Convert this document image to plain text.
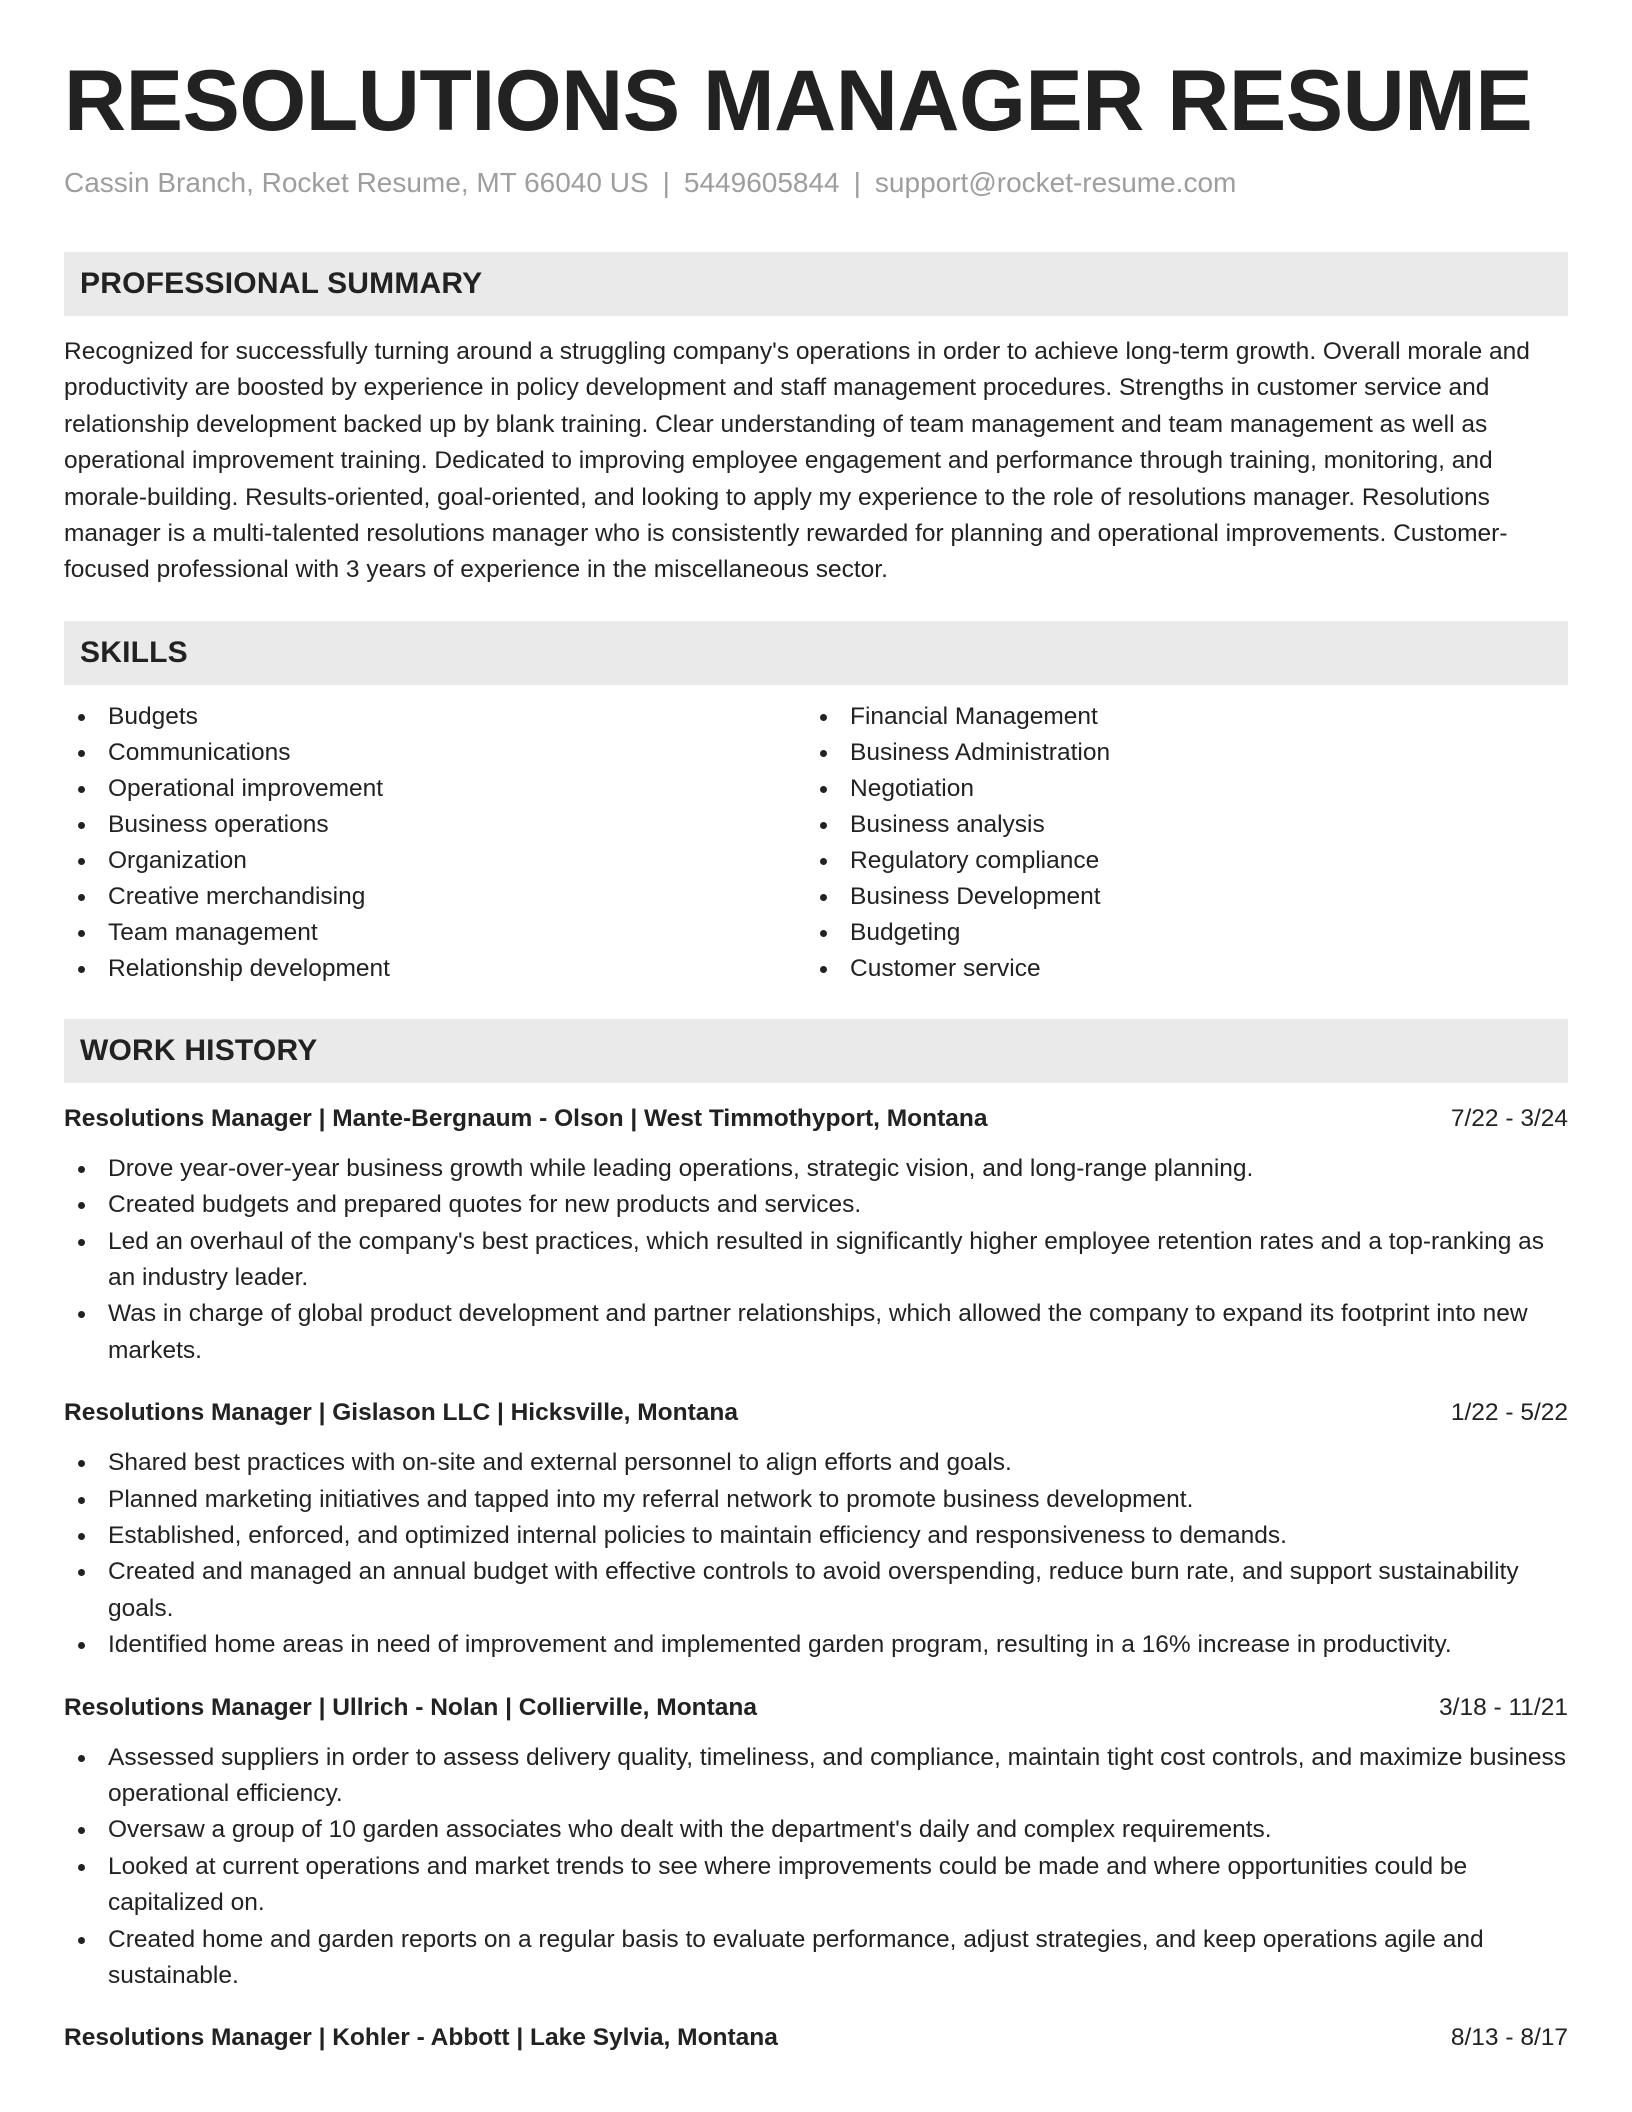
RESOLUTIONS MANAGER RESUME
Cassin Branch, Rocket Resume, MT 66040 US | 5449605844 | support@rocket-resume.com
PROFESSIONAL SUMMARY

Recognized for successfully turning around a struggling company's operations in order to achieve long-term growth. Overall morale and productivity are boosted by experience in policy development and staff management procedures. Strengths in customer service and relationship development backed up by blank training. Clear understanding of team management and team management as well as operational improvement training. Dedicated to improving employee engagement and performance through training, monitoring, and morale-building. Results-oriented, goal-oriented, and looking to apply my experience to the role of resolutions manager. Resolutions manager is a multi-talented resolutions manager who is consistently rewarded for planning and operational improvements. Customer-focused professional with 3 years of experience in the miscellaneous sector.

SKILLS
Budgets
Communications
Operational improvement
Business operations
Organization
Creative merchandising
Team management
Relationship development
Financial Management
Business Administration
Negotiation
Business analysis
Regulatory compliance
Business Development
Budgeting
Customer service
WORK HISTORY
Resolutions Manager | Mante-Bergnaum - Olson | West Timmothyport, Montana	7/22 - 3/24
Drove year-over-year business growth while leading operations, strategic vision, and long-range planning.
Created budgets and prepared quotes for new products and services.
Led an overhaul of the company's best practices, which resulted in significantly higher employee retention rates and a top-ranking as an industry leader.
Was in charge of global product development and partner relationships, which allowed the company to expand its footprint into new markets.
Resolutions Manager | Gislason LLC | Hicksville, Montana	1/22 - 5/22
Shared best practices with on-site and external personnel to align efforts and goals.
Planned marketing initiatives and tapped into my referral network to promote business development.
Established, enforced, and optimized internal policies to maintain efficiency and responsiveness to demands.
Created and managed an annual budget with effective controls to avoid overspending, reduce burn rate, and support sustainability goals.
Identified home areas in need of improvement and implemented garden program, resulting in a 16% increase in productivity.
Resolutions Manager | Ullrich - Nolan | Collierville, Montana	3/18 - 11/21
Assessed suppliers in order to assess delivery quality, timeliness, and compliance, maintain tight cost controls, and maximize business operational efficiency.
Oversaw a group of 10 garden associates who dealt with the department's daily and complex requirements.
Looked at current operations and market trends to see where improvements could be made and where opportunities could be capitalized on.
Created home and garden reports on a regular basis to evaluate performance, adjust strategies, and keep operations agile and sustainable.
Resolutions Manager | Kohler - Abbott | Lake Sylvia, Montana	8/13 - 8/17
